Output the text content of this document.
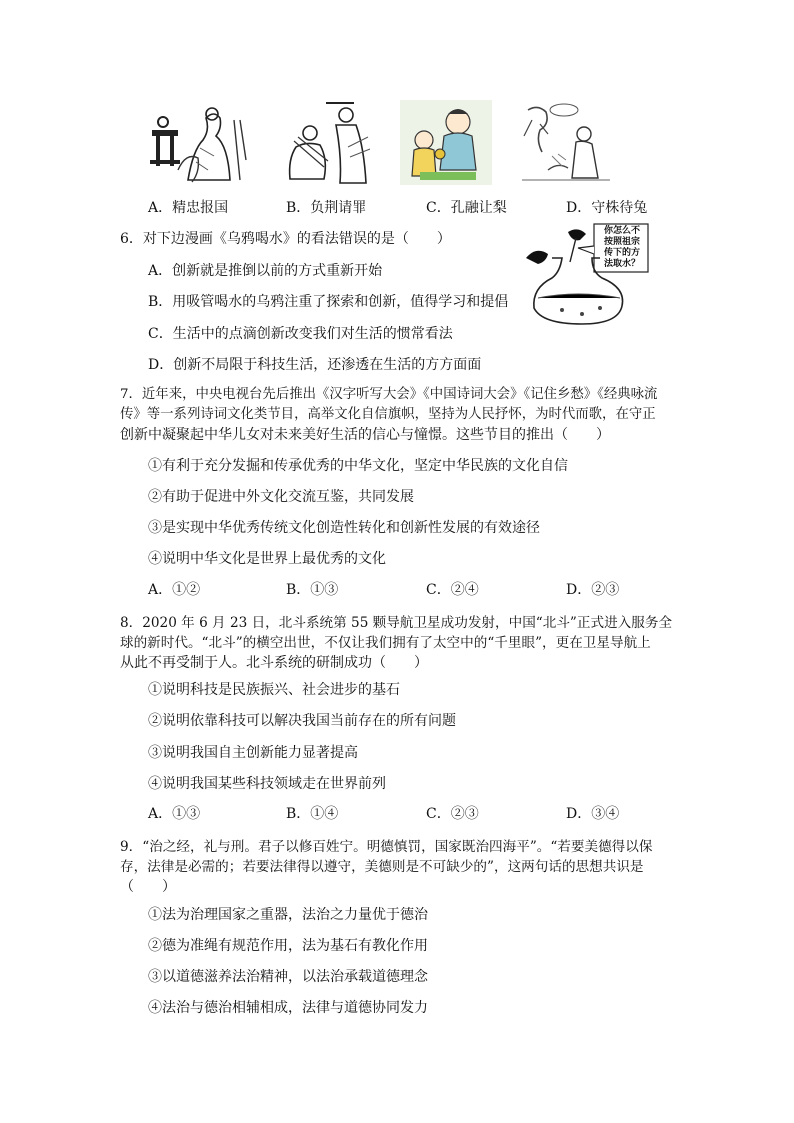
A．精忠报国	B．负荆请罪	C．孔融让梨	D．守株待兔
6．对下边漫画《乌鸦喝水》的看法错误的是（　　）	你怎么不
按照祖宗
传下的方
法取水？
A．创新就是推倒以前的方式重新开始
B．用吸管喝水的乌鸦注重了探索和创新，值得学习和提倡
C．生活中的点滴创新改变我们对生活的惯常看法
D．创新不局限于科技生活，还渗透在生活的方方面面
7．近年来，中央电视台先后推出《汉字听写大会》《中国诗词大会》《记住乡愁》《经典咏流
传》等一系列诗词文化类节目，高举文化自信旗帜，坚持为人民抒怀，为时代而歌，在守正
创新中凝聚起中华儿女对未来美好生活的信心与憧憬。这些节目的推出（　　）
①有利于充分发掘和传承优秀的中华文化，坚定中华民族的文化自信
②有助于促进中外文化交流互鉴，共同发展
③是实现中华优秀传统文化创造性转化和创新性发展的有效途径
④说明中华文化是世界上最优秀的文化
A．①②	B．①③	C．②④	D．②③
8．2020 年 6 月 23 日，北斗系统第 55 颗导航卫星成功发射，中国“北斗”正式进入服务全
球的新时代。“北斗”的横空出世，不仅让我们拥有了太空中的“千里眼”，更在卫星导航上
从此不再受制于人。北斗系统的研制成功（　　）
①说明科技是民族振兴、社会进步的基石
②说明依靠科技可以解决我国当前存在的所有问题
③说明我国自主创新能力显著提高
④说明我国某些科技领域走在世界前列
A．①③	B．①④	C．②③	D．③④
9．“治之经，礼与刑。君子以修百姓宁。明德慎罚，国家既治四海平”。“若要美德得以保
存，法律是必需的；若要法律得以遵守，美德则是不可缺少的”，这两句话的思想共识是
（　　）
①法为治理国家之重器，法治之力量优于德治
②德为准绳有规范作用，法为基石有教化作用
③以道德滋养法治精神，以法治承载道德理念
④法治与德治相辅相成，法律与道德协同发力
